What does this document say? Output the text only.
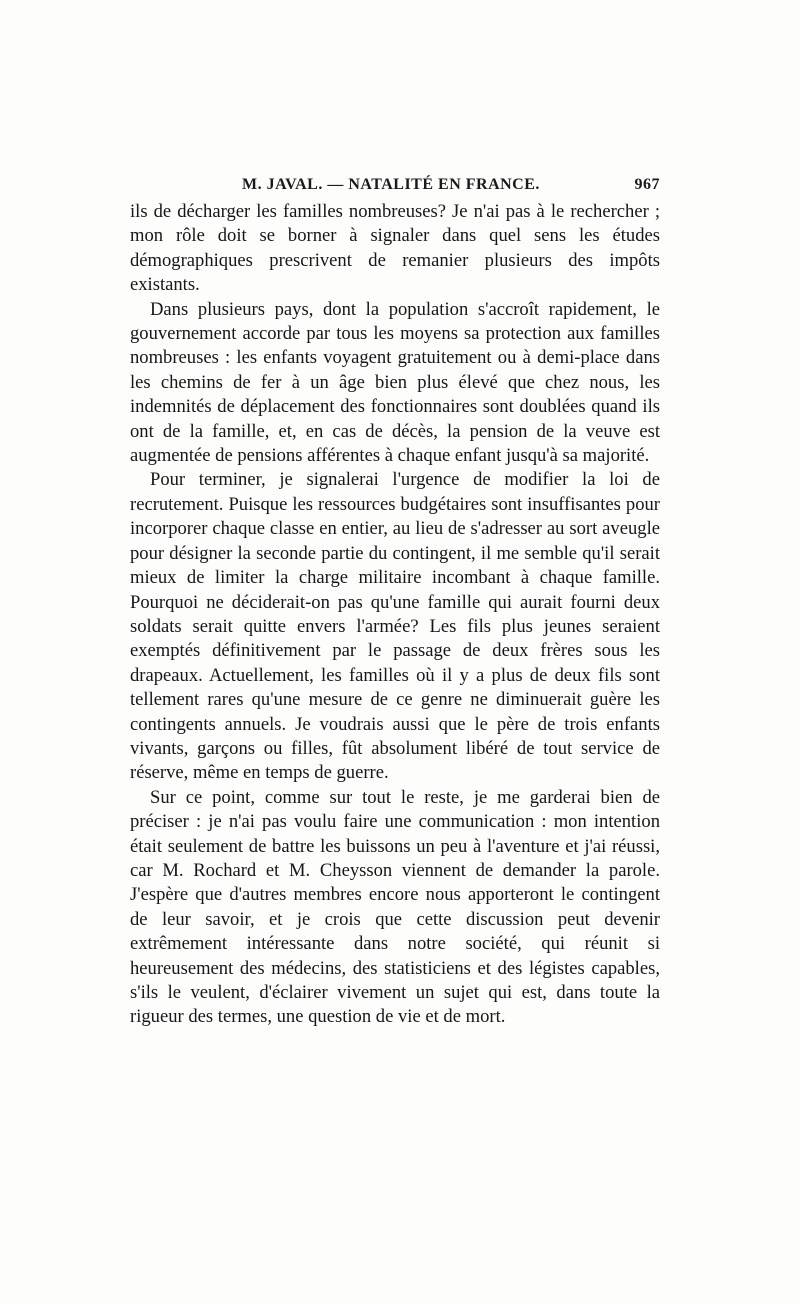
M. JAVAL. — NATALITÉ EN FRANCE.	967

ils de décharger les familles nombreuses? Je n'ai pas à le rechercher ; mon rôle doit se borner à signaler dans quel sens les études démographiques prescrivent de remanier plusieurs des impôts existants.

Dans plusieurs pays, dont la population s'accroît rapidement, le gouvernement accorde par tous les moyens sa protection aux familles nombreuses : les enfants voyagent gratuitement ou à demi-place dans les chemins de fer à un âge bien plus élevé que chez nous, les indemnités de déplacement des fonctionnaires sont doublées quand ils ont de la famille, et, en cas de décès, la pension de la veuve est augmentée de pensions afférentes à chaque enfant jusqu'à sa majorité.

Pour terminer, je signalerai l'urgence de modifier la loi de recrutement. Puisque les ressources budgétaires sont insuffisantes pour incorporer chaque classe en entier, au lieu de s'adresser au sort aveugle pour désigner la seconde partie du contingent, il me semble qu'il serait mieux de limiter la charge militaire incombant à chaque famille. Pourquoi ne déciderait-on pas qu'une famille qui aurait fourni deux soldats serait quitte envers l'armée? Les fils plus jeunes seraient exemptés définitivement par le passage de deux frères sous les drapeaux. Actuellement, les familles où il y a plus de deux fils sont tellement rares qu'une mesure de ce genre ne diminuerait guère les contingents annuels. Je voudrais aussi que le père de trois enfants vivants, garçons ou filles, fût absolument libéré de tout service de réserve, même en temps de guerre.

Sur ce point, comme sur tout le reste, je me garderai bien de préciser : je n'ai pas voulu faire une communication : mon intention était seulement de battre les buissons un peu à l'aventure et j'ai réussi, car M. Rochard et M. Cheysson viennent de demander la parole. J'espère que d'autres membres encore nous apporteront le contingent de leur savoir, et je crois que cette discussion peut devenir extrêmement intéressante dans notre société, qui réunit si heureusement des médecins, des statisticiens et des légistes capables, s'ils le veulent, d'éclairer vivement un sujet qui est, dans toute la rigueur des termes, une question de vie et de mort.
